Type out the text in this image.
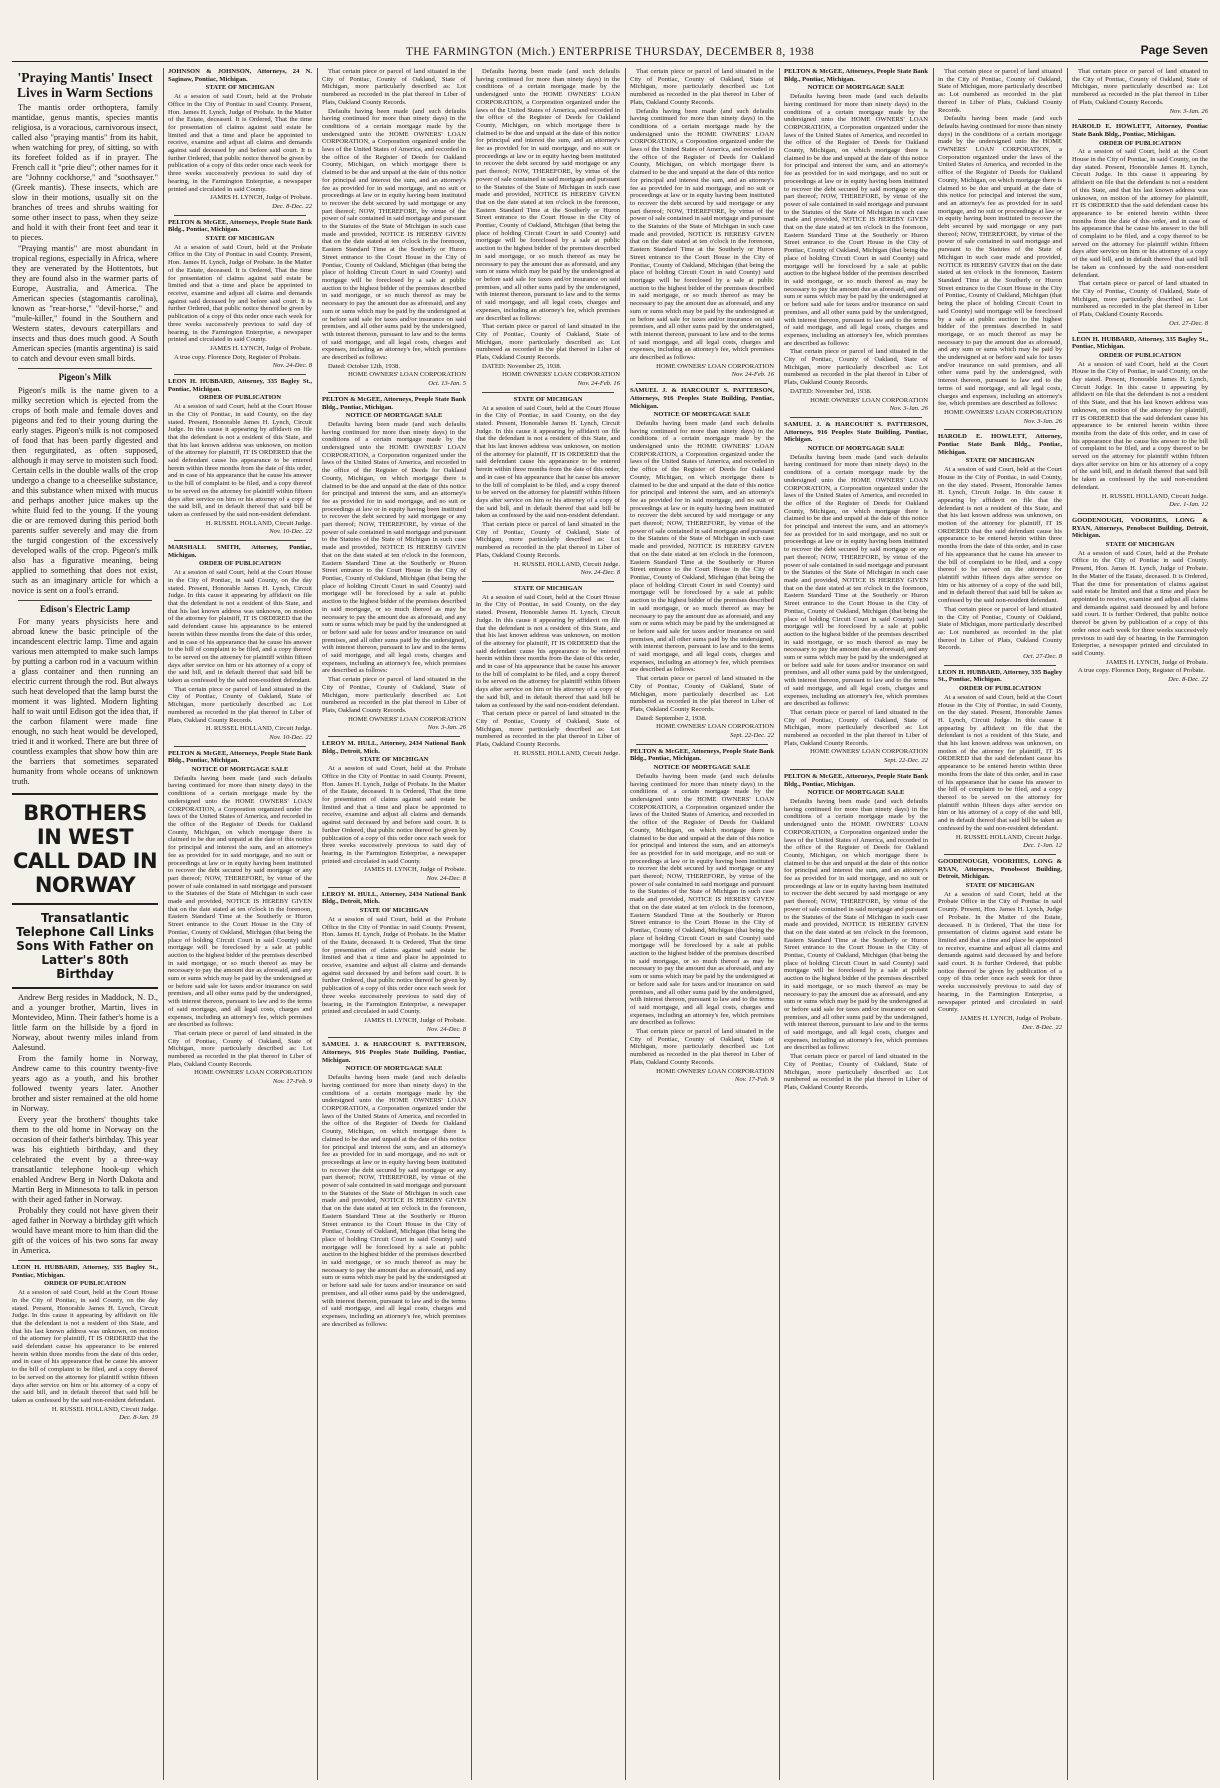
THE FARMINGTON (Mich.) ENTERPRISE THURSDAY, DECEMBER 8, 1938	Page Seven
'Praying Mantis' Insect Lives in Warm Sections

The mantis order orthoptera, family mantidae, genus mantis, species mantis religiosa, is a voracious, carnivorous insect, called also "praying mantis" from its habit, when watching for prey, of sitting, so with its forefeet folded as if in prayer. The French call it "prie dieu"; other names for it are "Johnny cockhorse," and "soothsayer." (Greek mantis). These insects, which are slow in their motions, usually sit on the branches of trees and shrubs waiting for some other insect to pass, when they seize and hold it with their front feet and tear it to pieces.

"Praying mantis" are most abundant in tropical regions, especially in Africa, where they are venerated by the Hottentots, but they are found also in the warmer parts of Europe, Australia, and America. The American species (stagomantis carolina), known as "rear-horse," "devil-horse," and "mule-killer," found in the Southern and Western states, devours caterpillars and insects and thus does much good. A South American species (mantis argentina) is said to catch and devour even small birds.

Pigeon's Milk

Pigeon's milk is the name given to a milky secretion which is ejected from the crops of both male and female doves and pigeons and fed to their young during the early stages. Pigeon's milk is not composed of food that has been partly digested and then regurgitated, as often supposed, although it may serve to moisten such food. Certain cells in the double walls of the crop undergo a change to a cheeselike substance, and this substance when mixed with mucus and perhaps another juice makes up the white fluid fed to the young. If the young die or are removed during this period both parents suffer severely and may die from the turgid congestion of the excessively developed walls of the crop. Pigeon's milk also has a figurative meaning, being applied to something that does not exist, such as an imaginary article for which a novice is sent on a fool's errand.

Edison's Electric Lamp

For many years physicists here and abroad knew the basic principle of the incandescent electric lamp. Time and again various men attempted to make such lamps by putting a carbon rod in a vacuum within a glass container and then running an electric current through the rod. But always such heat developed that the lamp burst the moment it was lighted. Modern lighting half to wait until Edison got the idea that, if the carbon filament were made fine enough, no such heat would be developed, tried it and it worked. There are but three of countless examples that show how thin are the barriers that sometimes separated humanity from whole oceans of unknown truth.

BROTHERS IN WEST CALL DAD IN NORWAY
Transatlantic Telephone Call Links Sons With Father on Latter's 80th Birthday

Andrew Berg resides in Maddock, N. D., and a younger brother, Martin, lives in Montevideo, Minn. Their father's home is a little farm on the hillside by a fjord in Norway, about twenty miles inland from Aalesund.

From the family home in Norway, Andrew came to this country twenty-five years ago as a youth, and his brother followed twenty years later. Another brother and sister remained at the old home in Norway.

Every year the brothers' thoughts take them to the old home in Norway on the occasion of their father's birthday. This year was his eightieth birthday, and they celebrated the event by a three-way transatlantic telephone hook-up which enabled Andrew Berg in North Dakota and Martin Berg in Minnesota to talk in person with their aged father in Norway.

Probably they could not have given their aged father in Norway a birthday gift which would have meant more to him than did the gift of the voices of his two sons far away in America.

LEON H. HUBBARD, Attorney, 335 Bagley St., Pontiac, Michigan.

ORDER OF PUBLICATION

At a session of said Court, held at the Court House in the City of Pontiac, in said County, on the day stated. Present, Honorable James H. Lynch, Circuit Judge. In this cause it appearing by affidavit on file that the defendant is not a resident of this State, and that his last known address was unknown, on motion of the attorney for plaintiff, IT IS ORDERED that the said defendant cause his appearance to be entered herein within three months from the date of this order, and in case of his appearance that he cause his answer to the bill of complaint to be filed, and a copy thereof to be served on the attorney for plaintiff within fifteen days after service on him or his attorney of a copy of the said bill, and in default thereof that said bill be taken as confessed by the said non-resident defendant.

H. RUSSEL HOLLAND, Circuit Judge.

Dec. 8-Jan. 19

JOHNSON & JOHNSON, Attorneys, 24 N. Saginaw, Pontiac, Michigan.

STATE OF MICHIGAN

At a session of said Court, held at the Probate Office in the City of Pontiac in said County. Present, Hon. James H. Lynch, Judge of Probate. In the Matter of the Estate, deceased. It is Ordered, That the time for presentation of claims against said estate be limited and that a time and place be appointed to receive, examine and adjust all claims and demands against said deceased by and before said court. It is further Ordered, that public notice thereof be given by publication of a copy of this order once each week for three weeks successively previous to said day of hearing, in the Farmington Enterprise, a newspaper printed and circulated in said County.

JAMES H. LYNCH, Judge of Probate.

Dec. 8-Dec. 22

PELTON & McGEE, Attorneys, People State Bank Bldg., Pontiac, Michigan.

STATE OF MICHIGAN

At a session of said Court, held at the Probate Office in the City of Pontiac in said County. Present, Hon. James H. Lynch, Judge of Probate. In the Matter of the Estate, deceased. It is Ordered, That the time for presentation of claims against said estate be limited and that a time and place be appointed to receive, examine and adjust all claims and demands against said deceased by and before said court. It is further Ordered, that public notice thereof be given by publication of a copy of this order once each week for three weeks successively previous to said day of hearing, in the Farmington Enterprise, a newspaper printed and circulated in said County.

JAMES H. LYNCH, Judge of Probate.

A true copy. Florence Doty, Register of Probate.

Nov. 24-Dec. 8

LEON H. HUBBARD, Attorney, 335 Bagley St., Pontiac, Michigan.

ORDER OF PUBLICATION

At a session of said Court, held at the Court House in the City of Pontiac, in said County, on the day stated. Present, Honorable James H. Lynch, Circuit Judge. In this cause it appearing by affidavit on file that the defendant is not a resident of this State, and that his last known address was unknown, on motion of the attorney for plaintiff, IT IS ORDERED that the said defendant cause his appearance to be entered herein within three months from the date of this order, and in case of his appearance that he cause his answer to the bill of complaint to be filed, and a copy thereof to be served on the attorney for plaintiff within fifteen days after service on him or his attorney of a copy of the said bill, and in default thereof that said bill be taken as confessed by the said non-resident defendant.

H. RUSSEL HOLLAND, Circuit Judge.

Nov. 10-Dec. 22

MARSHALL SMITH, Attorney, Pontiac, Michigan.

ORDER OF PUBLICATION

At a session of said Court, held at the Court House in the City of Pontiac, in said County, on the day stated. Present, Honorable James H. Lynch, Circuit Judge. In this cause it appearing by affidavit on file that the defendant is not a resident of this State, and that his last known address was unknown, on motion of the attorney for plaintiff, IT IS ORDERED that the said defendant cause his appearance to be entered herein within three months from the date of this order, and in case of his appearance that he cause his answer to the bill of complaint to be filed, and a copy thereof to be served on the attorney for plaintiff within fifteen days after service on him or his attorney of a copy of the said bill, and in default thereof that said bill be taken as confessed by the said non-resident defendant.

That certain piece or parcel of land situated in the City of Pontiac, County of Oakland, State of Michigan, more particularly described as: Lot numbered as recorded in the plat thereof in Liber of Plats, Oakland County Records.

H. RUSSEL HOLLAND, Circuit Judge.

Nov. 10-Dec. 22

PELTON & McGEE, Attorneys, People State Bank Bldg., Pontiac, Michigan.

NOTICE OF MORTGAGE SALE

Defaults having been made (and such defaults having continued for more than ninety days) in the conditions of a certain mortgage made by the undersigned unto the HOME OWNERS' LOAN CORPORATION, a Corporation organized under the laws of the United States of America, and recorded in the office of the Register of Deeds for Oakland County, Michigan, on which mortgage there is claimed to be due and unpaid at the date of this notice for principal and interest the sum, and an attorney's fee as provided for in said mortgage, and no suit or proceedings at law or in equity having been instituted to recover the debt secured by said mortgage or any part thereof; NOW, THEREFORE, by virtue of the power of sale contained in said mortgage and pursuant to the Statutes of the State of Michigan in such case made and provided, NOTICE IS HEREBY GIVEN that on the date stated at ten o'clock in the forenoon, Eastern Standard Time at the Southerly or Huron Street entrance to the Court House in the City of Pontiac, County of Oakland, Michigan (that being the place of holding Circuit Court in said County) said mortgage will be foreclosed by a sale at public auction to the highest bidder of the premises described in said mortgage, or so much thereof as may be necessary to pay the amount due as aforesaid, and any sum or sums which may be paid by the undersigned at or before said sale for taxes and/or insurance on said premises, and all other sums paid by the undersigned, with interest thereon, pursuant to law and to the terms of said mortgage, and all legal costs, charges and expenses, including an attorney's fee, which premises are described as follows:

That certain piece or parcel of land situated in the City of Pontiac, County of Oakland, State of Michigan, more particularly described as: Lot numbered as recorded in the plat thereof in Liber of Plats, Oakland County Records.

HOME OWNERS' LOAN CORPORATION

Nov. 17-Feb. 9

That certain piece or parcel of land situated in the City of Pontiac, County of Oakland, State of Michigan, more particularly described as: Lot numbered as recorded in the plat thereof in Liber of Plats, Oakland County Records.

Defaults having been made (and such defaults having continued for more than ninety days) in the conditions of a certain mortgage made by the undersigned unto the HOME OWNERS' LOAN CORPORATION, a Corporation organized under the laws of the United States of America, and recorded in the office of the Register of Deeds for Oakland County, Michigan, on which mortgage there is claimed to be due and unpaid at the date of this notice for principal and interest the sum, and an attorney's fee as provided for in said mortgage, and no suit or proceedings at law or in equity having been instituted to recover the debt secured by said mortgage or any part thereof; NOW, THEREFORE, by virtue of the power of sale contained in said mortgage and pursuant to the Statutes of the State of Michigan in such case made and provided, NOTICE IS HEREBY GIVEN that on the date stated at ten o'clock in the forenoon, Eastern Standard Time at the Southerly or Huron Street entrance to the Court House in the City of Pontiac, County of Oakland, Michigan (that being the place of holding Circuit Court in said County) said mortgage will be foreclosed by a sale at public auction to the highest bidder of the premises described in said mortgage, or so much thereof as may be necessary to pay the amount due as aforesaid, and any sum or sums which may be paid by the undersigned at or before said sale for taxes and/or insurance on said premises, and all other sums paid by the undersigned, with interest thereon, pursuant to law and to the terms of said mortgage, and all legal costs, charges and expenses, including an attorney's fee, which premises are described as follows:

Dated: October 12th, 1938.

HOME OWNERS' LOAN CORPORATION

Oct. 13-Jan. 5

PELTON & McGEE, Attorneys, People State Bank Bldg., Pontiac, Michigan.

NOTICE OF MORTGAGE SALE

Defaults having been made (and such defaults having continued for more than ninety days) in the conditions of a certain mortgage made by the undersigned unto the HOME OWNERS' LOAN CORPORATION, a Corporation organized under the laws of the United States of America, and recorded in the office of the Register of Deeds for Oakland County, Michigan, on which mortgage there is claimed to be due and unpaid at the date of this notice for principal and interest the sum, and an attorney's fee as provided for in said mortgage, and no suit or proceedings at law or in equity having been instituted to recover the debt secured by said mortgage or any part thereof; NOW, THEREFORE, by virtue of the power of sale contained in said mortgage and pursuant to the Statutes of the State of Michigan in such case made and provided, NOTICE IS HEREBY GIVEN that on the date stated at ten o'clock in the forenoon, Eastern Standard Time at the Southerly or Huron Street entrance to the Court House in the City of Pontiac, County of Oakland, Michigan (that being the place of holding Circuit Court in said County) said mortgage will be foreclosed by a sale at public auction to the highest bidder of the premises described in said mortgage, or so much thereof as may be necessary to pay the amount due as aforesaid, and any sum or sums which may be paid by the undersigned at or before said sale for taxes and/or insurance on said premises, and all other sums paid by the undersigned, with interest thereon, pursuant to law and to the terms of said mortgage, and all legal costs, charges and expenses, including an attorney's fee, which premises are described as follows:

That certain piece or parcel of land situated in the City of Pontiac, County of Oakland, State of Michigan, more particularly described as: Lot numbered as recorded in the plat thereof in Liber of Plats, Oakland County Records.

HOME OWNERS' LOAN CORPORATION

Nov. 3-Jan. 26

LEROY M. HULL, Attorney, 2434 National Bank Bldg., Detroit, Mich.

STATE OF MICHIGAN

At a session of said Court, held at the Probate Office in the City of Pontiac in said County. Present, Hon. James H. Lynch, Judge of Probate. In the Matter of the Estate, deceased. It is Ordered, That the time for presentation of claims against said estate be limited and that a time and place be appointed to receive, examine and adjust all claims and demands against said deceased by and before said court. It is further Ordered, that public notice thereof be given by publication of a copy of this order once each week for three weeks successively previous to said day of hearing, in the Farmington Enterprise, a newspaper printed and circulated in said County.

JAMES H. LYNCH, Judge of Probate.

Nov. 24-Dec. 8

LEROY M. HULL, Attorney, 2434 National Bank Bldg., Detroit, Mich.

STATE OF MICHIGAN

At a session of said Court, held at the Probate Office in the City of Pontiac in said County. Present, Hon. James H. Lynch, Judge of Probate. In the Matter of the Estate, deceased. It is Ordered, That the time for presentation of claims against said estate be limited and that a time and place be appointed to receive, examine and adjust all claims and demands against said deceased by and before said court. It is further Ordered, that public notice thereof be given by publication of a copy of this order once each week for three weeks successively previous to said day of hearing, in the Farmington Enterprise, a newspaper printed and circulated in said County.

JAMES H. LYNCH, Judge of Probate.

Nov. 24-Dec. 8

SAMUEL J. & HARCOURT S. PATTERSON, Attorneys, 916 Peoples State Building, Pontiac, Michigan.

NOTICE OF MORTGAGE SALE

Defaults having been made (and such defaults having continued for more than ninety days) in the conditions of a certain mortgage made by the undersigned unto the HOME OWNERS' LOAN CORPORATION, a Corporation organized under the laws of the United States of America, and recorded in the office of the Register of Deeds for Oakland County, Michigan, on which mortgage there is claimed to be due and unpaid at the date of this notice for principal and interest the sum, and an attorney's fee as provided for in said mortgage, and no suit or proceedings at law or in equity having been instituted to recover the debt secured by said mortgage or any part thereof; NOW, THEREFORE, by virtue of the power of sale contained in said mortgage and pursuant to the Statutes of the State of Michigan in such case made and provided, NOTICE IS HEREBY GIVEN that on the date stated at ten o'clock in the forenoon, Eastern Standard Time at the Southerly or Huron Street entrance to the Court House in the City of Pontiac, County of Oakland, Michigan (that being the place of holding Circuit Court in said County) said mortgage will be foreclosed by a sale at public auction to the highest bidder of the premises described in said mortgage, or so much thereof as may be necessary to pay the amount due as aforesaid, and any sum or sums which may be paid by the undersigned at or before said sale for taxes and/or insurance on said premises, and all other sums paid by the undersigned, with interest thereon, pursuant to law and to the terms of said mortgage, and all legal costs, charges and expenses, including an attorney's fee, which premises are described as follows:

Defaults having been made (and such defaults having continued for more than ninety days) in the conditions of a certain mortgage made by the undersigned unto the HOME OWNERS' LOAN CORPORATION, a Corporation organized under the laws of the United States of America, and recorded in the office of the Register of Deeds for Oakland County, Michigan, on which mortgage there is claimed to be due and unpaid at the date of this notice for principal and interest the sum, and an attorney's fee as provided for in said mortgage, and no suit or proceedings at law or in equity having been instituted to recover the debt secured by said mortgage or any part thereof; NOW, THEREFORE, by virtue of the power of sale contained in said mortgage and pursuant to the Statutes of the State of Michigan in such case made and provided, NOTICE IS HEREBY GIVEN that on the date stated at ten o'clock in the forenoon, Eastern Standard Time at the Southerly or Huron Street entrance to the Court House in the City of Pontiac, County of Oakland, Michigan (that being the place of holding Circuit Court in said County) said mortgage will be foreclosed by a sale at public auction to the highest bidder of the premises described in said mortgage, or so much thereof as may be necessary to pay the amount due as aforesaid, and any sum or sums which may be paid by the undersigned at or before said sale for taxes and/or insurance on said premises, and all other sums paid by the undersigned, with interest thereon, pursuant to law and to the terms of said mortgage, and all legal costs, charges and expenses, including an attorney's fee, which premises are described as follows:

That certain piece or parcel of land situated in the City of Pontiac, County of Oakland, State of Michigan, more particularly described as: Lot numbered as recorded in the plat thereof in Liber of Plats, Oakland County Records.

DATED: November 25, 1938.

HOME OWNERS' LOAN CORPORATION

Nov. 24-Feb. 16

STATE OF MICHIGAN

At a session of said Court, held at the Court House in the City of Pontiac, in said County, on the day stated. Present, Honorable James H. Lynch, Circuit Judge. In this cause it appearing by affidavit on file that the defendant is not a resident of this State, and that his last known address was unknown, on motion of the attorney for plaintiff, IT IS ORDERED that the said defendant cause his appearance to be entered herein within three months from the date of this order, and in case of his appearance that he cause his answer to the bill of complaint to be filed, and a copy thereof to be served on the attorney for plaintiff within fifteen days after service on him or his attorney of a copy of the said bill, and in default thereof that said bill be taken as confessed by the said non-resident defendant.

That certain piece or parcel of land situated in the City of Pontiac, County of Oakland, State of Michigan, more particularly described as: Lot numbered as recorded in the plat thereof in Liber of Plats, Oakland County Records.

H. RUSSEL HOLLAND, Circuit Judge.

Nov. 24-Dec. 8

STATE OF MICHIGAN

At a session of said Court, held at the Court House in the City of Pontiac, in said County, on the day stated. Present, Honorable James H. Lynch, Circuit Judge. In this cause it appearing by affidavit on file that the defendant is not a resident of this State, and that his last known address was unknown, on motion of the attorney for plaintiff, IT IS ORDERED that the said defendant cause his appearance to be entered herein within three months from the date of this order, and in case of his appearance that he cause his answer to the bill of complaint to be filed, and a copy thereof to be served on the attorney for plaintiff within fifteen days after service on him or his attorney of a copy of the said bill, and in default thereof that said bill be taken as confessed by the said non-resident defendant.

That certain piece or parcel of land situated in the City of Pontiac, County of Oakland, State of Michigan, more particularly described as: Lot numbered as recorded in the plat thereof in Liber of Plats, Oakland County Records.

H. RUSSEL HOLLAND, Circuit Judge.

That certain piece or parcel of land situated in the City of Pontiac, County of Oakland, State of Michigan, more particularly described as: Lot numbered as recorded in the plat thereof in Liber of Plats, Oakland County Records.

Defaults having been made (and such defaults having continued for more than ninety days) in the conditions of a certain mortgage made by the undersigned unto the HOME OWNERS' LOAN CORPORATION, a Corporation organized under the laws of the United States of America, and recorded in the office of the Register of Deeds for Oakland County, Michigan, on which mortgage there is claimed to be due and unpaid at the date of this notice for principal and interest the sum, and an attorney's fee as provided for in said mortgage, and no suit or proceedings at law or in equity having been instituted to recover the debt secured by said mortgage or any part thereof; NOW, THEREFORE, by virtue of the power of sale contained in said mortgage and pursuant to the Statutes of the State of Michigan in such case made and provided, NOTICE IS HEREBY GIVEN that on the date stated at ten o'clock in the forenoon, Eastern Standard Time at the Southerly or Huron Street entrance to the Court House in the City of Pontiac, County of Oakland, Michigan (that being the place of holding Circuit Court in said County) said mortgage will be foreclosed by a sale at public auction to the highest bidder of the premises described in said mortgage, or so much thereof as may be necessary to pay the amount due as aforesaid, and any sum or sums which may be paid by the undersigned at or before said sale for taxes and/or insurance on said premises, and all other sums paid by the undersigned, with interest thereon, pursuant to law and to the terms of said mortgage, and all legal costs, charges and expenses, including an attorney's fee, which premises are described as follows:

HOME OWNERS' LOAN CORPORATION

Nov. 24-Feb. 16

SAMUEL J. & HARCOURT S. PATTERSON, Attorneys, 916 Peoples State Building, Pontiac, Michigan.

NOTICE OF MORTGAGE SALE

Defaults having been made (and such defaults having continued for more than ninety days) in the conditions of a certain mortgage made by the undersigned unto the HOME OWNERS' LOAN CORPORATION, a Corporation organized under the laws of the United States of America, and recorded in the office of the Register of Deeds for Oakland County, Michigan, on which mortgage there is claimed to be due and unpaid at the date of this notice for principal and interest the sum, and an attorney's fee as provided for in said mortgage, and no suit or proceedings at law or in equity having been instituted to recover the debt secured by said mortgage or any part thereof; NOW, THEREFORE, by virtue of the power of sale contained in said mortgage and pursuant to the Statutes of the State of Michigan in such case made and provided, NOTICE IS HEREBY GIVEN that on the date stated at ten o'clock in the forenoon, Eastern Standard Time at the Southerly or Huron Street entrance to the Court House in the City of Pontiac, County of Oakland, Michigan (that being the place of holding Circuit Court in said County) said mortgage will be foreclosed by a sale at public auction to the highest bidder of the premises described in said mortgage, or so much thereof as may be necessary to pay the amount due as aforesaid, and any sum or sums which may be paid by the undersigned at or before said sale for taxes and/or insurance on said premises, and all other sums paid by the undersigned, with interest thereon, pursuant to law and to the terms of said mortgage, and all legal costs, charges and expenses, including an attorney's fee, which premises are described as follows:

That certain piece or parcel of land situated in the City of Pontiac, County of Oakland, State of Michigan, more particularly described as: Lot numbered as recorded in the plat thereof in Liber of Plats, Oakland County Records.

Dated: September 2, 1938.

HOME OWNERS' LOAN CORPORATION

Sept. 22-Dec. 22

PELTON & McGEE, Attorneys, People State Bank Bldg., Pontiac, Michigan.

NOTICE OF MORTGAGE SALE

Defaults having been made (and such defaults having continued for more than ninety days) in the conditions of a certain mortgage made by the undersigned unto the HOME OWNERS' LOAN CORPORATION, a Corporation organized under the laws of the United States of America, and recorded in the office of the Register of Deeds for Oakland County, Michigan, on which mortgage there is claimed to be due and unpaid at the date of this notice for principal and interest the sum, and an attorney's fee as provided for in said mortgage, and no suit or proceedings at law or in equity having been instituted to recover the debt secured by said mortgage or any part thereof; NOW, THEREFORE, by virtue of the power of sale contained in said mortgage and pursuant to the Statutes of the State of Michigan in such case made and provided, NOTICE IS HEREBY GIVEN that on the date stated at ten o'clock in the forenoon, Eastern Standard Time at the Southerly or Huron Street entrance to the Court House in the City of Pontiac, County of Oakland, Michigan (that being the place of holding Circuit Court in said County) said mortgage will be foreclosed by a sale at public auction to the highest bidder of the premises described in said mortgage, or so much thereof as may be necessary to pay the amount due as aforesaid, and any sum or sums which may be paid by the undersigned at or before said sale for taxes and/or insurance on said premises, and all other sums paid by the undersigned, with interest thereon, pursuant to law and to the terms of said mortgage, and all legal costs, charges and expenses, including an attorney's fee, which premises are described as follows:

That certain piece or parcel of land situated in the City of Pontiac, County of Oakland, State of Michigan, more particularly described as: Lot numbered as recorded in the plat thereof in Liber of Plats, Oakland County Records.

HOME OWNERS' LOAN CORPORATION

Nov. 17-Feb. 9

PELTON & McGEE, Attorneys, People State Bank Bldg., Pontiac, Michigan.

NOTICE OF MORTGAGE SALE

Defaults having been made (and such defaults having continued for more than ninety days) in the conditions of a certain mortgage made by the undersigned unto the HOME OWNERS' LOAN CORPORATION, a Corporation organized under the laws of the United States of America, and recorded in the office of the Register of Deeds for Oakland County, Michigan, on which mortgage there is claimed to be due and unpaid at the date of this notice for principal and interest the sum, and an attorney's fee as provided for in said mortgage, and no suit or proceedings at law or in equity having been instituted to recover the debt secured by said mortgage or any part thereof; NOW, THEREFORE, by virtue of the power of sale contained in said mortgage and pursuant to the Statutes of the State of Michigan in such case made and provided, NOTICE IS HEREBY GIVEN that on the date stated at ten o'clock in the forenoon, Eastern Standard Time at the Southerly or Huron Street entrance to the Court House in the City of Pontiac, County of Oakland, Michigan (that being the place of holding Circuit Court in said County) said mortgage will be foreclosed by a sale at public auction to the highest bidder of the premises described in said mortgage, or so much thereof as may be necessary to pay the amount due as aforesaid, and any sum or sums which may be paid by the undersigned at or before said sale for taxes and/or insurance on said premises, and all other sums paid by the undersigned, with interest thereon, pursuant to law and to the terms of said mortgage, and all legal costs, charges and expenses, including an attorney's fee, which premises are described as follows:

That certain piece or parcel of land situated in the City of Pontiac, County of Oakland, State of Michigan, more particularly described as: Lot numbered as recorded in the plat thereof in Liber of Plats, Oakland County Records.

DATED: November 3rd, 1938.

HOME OWNERS' LOAN CORPORATION

Nov. 3-Jan. 26

SAMUEL J. & HARCOURT S. PATTERSON, Attorneys, 916 Peoples State Building, Pontiac, Michigan.

NOTICE OF MORTGAGE SALE

Defaults having been made (and such defaults having continued for more than ninety days) in the conditions of a certain mortgage made by the undersigned unto the HOME OWNERS' LOAN CORPORATION, a Corporation organized under the laws of the United States of America, and recorded in the office of the Register of Deeds for Oakland County, Michigan, on which mortgage there is claimed to be due and unpaid at the date of this notice for principal and interest the sum, and an attorney's fee as provided for in said mortgage, and no suit or proceedings at law or in equity having been instituted to recover the debt secured by said mortgage or any part thereof; NOW, THEREFORE, by virtue of the power of sale contained in said mortgage and pursuant to the Statutes of the State of Michigan in such case made and provided, NOTICE IS HEREBY GIVEN that on the date stated at ten o'clock in the forenoon, Eastern Standard Time at the Southerly or Huron Street entrance to the Court House in the City of Pontiac, County of Oakland, Michigan (that being the place of holding Circuit Court in said County) said mortgage will be foreclosed by a sale at public auction to the highest bidder of the premises described in said mortgage, or so much thereof as may be necessary to pay the amount due as aforesaid, and any sum or sums which may be paid by the undersigned at or before said sale for taxes and/or insurance on said premises, and all other sums paid by the undersigned, with interest thereon, pursuant to law and to the terms of said mortgage, and all legal costs, charges and expenses, including an attorney's fee, which premises are described as follows:

That certain piece or parcel of land situated in the City of Pontiac, County of Oakland, State of Michigan, more particularly described as: Lot numbered as recorded in the plat thereof in Liber of Plats, Oakland County Records.

HOME OWNERS' LOAN CORPORATION

Sept. 22-Dec. 22

PELTON & McGEE, Attorneys, People State Bank Bldg., Pontiac, Michigan.

NOTICE OF MORTGAGE SALE

Defaults having been made (and such defaults having continued for more than ninety days) in the conditions of a certain mortgage made by the undersigned unto the HOME OWNERS' LOAN CORPORATION, a Corporation organized under the laws of the United States of America, and recorded in the office of the Register of Deeds for Oakland County, Michigan, on which mortgage there is claimed to be due and unpaid at the date of this notice for principal and interest the sum, and an attorney's fee as provided for in said mortgage, and no suit or proceedings at law or in equity having been instituted to recover the debt secured by said mortgage or any part thereof; NOW, THEREFORE, by virtue of the power of sale contained in said mortgage and pursuant to the Statutes of the State of Michigan in such case made and provided, NOTICE IS HEREBY GIVEN that on the date stated at ten o'clock in the forenoon, Eastern Standard Time at the Southerly or Huron Street entrance to the Court House in the City of Pontiac, County of Oakland, Michigan (that being the place of holding Circuit Court in said County) said mortgage will be foreclosed by a sale at public auction to the highest bidder of the premises described in said mortgage, or so much thereof as may be necessary to pay the amount due as aforesaid, and any sum or sums which may be paid by the undersigned at or before said sale for taxes and/or insurance on said premises, and all other sums paid by the undersigned, with interest thereon, pursuant to law and to the terms of said mortgage, and all legal costs, charges and expenses, including an attorney's fee, which premises are described as follows:

That certain piece or parcel of land situated in the City of Pontiac, County of Oakland, State of Michigan, more particularly described as: Lot numbered as recorded in the plat thereof in Liber of Plats, Oakland County Records.

That certain piece or parcel of land situated in the City of Pontiac, County of Oakland, State of Michigan, more particularly described as: Lot numbered as recorded in the plat thereof in Liber of Plats, Oakland County Records.

Defaults having been made (and such defaults having continued for more than ninety days) in the conditions of a certain mortgage made by the undersigned unto the HOME OWNERS' LOAN CORPORATION, a Corporation organized under the laws of the United States of America, and recorded in the office of the Register of Deeds for Oakland County, Michigan, on which mortgage there is claimed to be due and unpaid at the date of this notice for principal and interest the sum, and an attorney's fee as provided for in said mortgage, and no suit or proceedings at law or in equity having been instituted to recover the debt secured by said mortgage or any part thereof; NOW, THEREFORE, by virtue of the power of sale contained in said mortgage and pursuant to the Statutes of the State of Michigan in such case made and provided, NOTICE IS HEREBY GIVEN that on the date stated at ten o'clock in the forenoon, Eastern Standard Time at the Southerly or Huron Street entrance to the Court House in the City of Pontiac, County of Oakland, Michigan (that being the place of holding Circuit Court in said County) said mortgage will be foreclosed by a sale at public auction to the highest bidder of the premises described in said mortgage, or so much thereof as may be necessary to pay the amount due as aforesaid, and any sum or sums which may be paid by the undersigned at or before said sale for taxes and/or insurance on said premises, and all other sums paid by the undersigned, with interest thereon, pursuant to law and to the terms of said mortgage, and all legal costs, charges and expenses, including an attorney's fee, which premises are described as follows:

HOME OWNERS' LOAN CORPORATION

Nov. 3-Jan. 26

HAROLD E. HOWLETT, Attorney, Pontiac State Bank Bldg., Pontiac, Michigan.

STATE OF MICHIGAN

At a session of said Court, held at the Court House in the City of Pontiac, in said County, on the day stated. Present, Honorable James H. Lynch, Circuit Judge. In this cause it appearing by affidavit on file that the defendant is not a resident of this State, and that his last known address was unknown, on motion of the attorney for plaintiff, IT IS ORDERED that the said defendant cause his appearance to be entered herein within three months from the date of this order, and in case of his appearance that he cause his answer to the bill of complaint to be filed, and a copy thereof to be served on the attorney for plaintiff within fifteen days after service on him or his attorney of a copy of the said bill, and in default thereof that said bill be taken as confessed by the said non-resident defendant.

That certain piece or parcel of land situated in the City of Pontiac, County of Oakland, State of Michigan, more particularly described as: Lot numbered as recorded in the plat thereof in Liber of Plats, Oakland County Records.

Oct. 27-Dec. 8

LEON H. HUBBARD, Attorney, 335 Bagley St., Pontiac, Michigan.

ORDER OF PUBLICATION

At a session of said Court, held at the Court House in the City of Pontiac, in said County, on the day stated. Present, Honorable James H. Lynch, Circuit Judge. In this cause it appearing by affidavit on file that the defendant is not a resident of this State, and that his last known address was unknown, on motion of the attorney for plaintiff, IT IS ORDERED that the said defendant cause his appearance to be entered herein within three months from the date of this order, and in case of his appearance that he cause his answer to the bill of complaint to be filed, and a copy thereof to be served on the attorney for plaintiff within fifteen days after service on him or his attorney of a copy of the said bill, and in default thereof that said bill be taken as confessed by the said non-resident defendant.

H. RUSSEL HOLLAND, Circuit Judge.

Dec. 1-Jan. 12

GOODENOUGH, VOORHIES, LONG & RYAN, Attorneys, Penobscot Building, Detroit, Michigan.

STATE OF MICHIGAN

At a session of said Court, held at the Probate Office in the City of Pontiac in said County. Present, Hon. James H. Lynch, Judge of Probate. In the Matter of the Estate, deceased. It is Ordered, That the time for presentation of claims against said estate be limited and that a time and place be appointed to receive, examine and adjust all claims and demands against said deceased by and before said court. It is further Ordered, that public notice thereof be given by publication of a copy of this order once each week for three weeks successively previous to said day of hearing, in the Farmington Enterprise, a newspaper printed and circulated in said County.

JAMES H. LYNCH, Judge of Probate.

Dec. 8-Dec. 22

That certain piece or parcel of land situated in the City of Pontiac, County of Oakland, State of Michigan, more particularly described as: Lot numbered as recorded in the plat thereof in Liber of Plats, Oakland County Records.

Nov. 3-Jan. 26

HAROLD E. HOWLETT, Attorney, Pontiac State Bank Bldg., Pontiac, Michigan.

ORDER OF PUBLICATION

At a session of said Court, held at the Court House in the City of Pontiac, in said County, on the day stated. Present, Honorable James H. Lynch, Circuit Judge. In this cause it appearing by affidavit on file that the defendant is not a resident of this State, and that his last known address was unknown, on motion of the attorney for plaintiff, IT IS ORDERED that the said defendant cause his appearance to be entered herein within three months from the date of this order, and in case of his appearance that he cause his answer to the bill of complaint to be filed, and a copy thereof to be served on the attorney for plaintiff within fifteen days after service on him or his attorney of a copy of the said bill, and in default thereof that said bill be taken as confessed by the said non-resident defendant.

That certain piece or parcel of land situated in the City of Pontiac, County of Oakland, State of Michigan, more particularly described as: Lot numbered as recorded in the plat thereof in Liber of Plats, Oakland County Records.

Oct. 27-Dec. 8

LEON H. HUBBARD, Attorney, 335 Bagley St., Pontiac, Michigan.

ORDER OF PUBLICATION

At a session of said Court, held at the Court House in the City of Pontiac, in said County, on the day stated. Present, Honorable James H. Lynch, Circuit Judge. In this cause it appearing by affidavit on file that the defendant is not a resident of this State, and that his last known address was unknown, on motion of the attorney for plaintiff, IT IS ORDERED that the said defendant cause his appearance to be entered herein within three months from the date of this order, and in case of his appearance that he cause his answer to the bill of complaint to be filed, and a copy thereof to be served on the attorney for plaintiff within fifteen days after service on him or his attorney of a copy of the said bill, and in default thereof that said bill be taken as confessed by the said non-resident defendant.

H. RUSSEL HOLLAND, Circuit Judge.

Dec. 1-Jan. 12

GOODENOUGH, VOORHIES, LONG & RYAN, Attorneys, Penobscot Building, Detroit, Michigan.

STATE OF MICHIGAN

At a session of said Court, held at the Probate Office in the City of Pontiac in said County. Present, Hon. James H. Lynch, Judge of Probate. In the Matter of the Estate, deceased. It is Ordered, That the time for presentation of claims against said estate be limited and that a time and place be appointed to receive, examine and adjust all claims and demands against said deceased by and before said court. It is further Ordered, that public notice thereof be given by publication of a copy of this order once each week for three weeks successively previous to said day of hearing, in the Farmington Enterprise, a newspaper printed and circulated in said County.

JAMES H. LYNCH, Judge of Probate.

A true copy. Florence Doty, Register of Probate.

Dec. 8-Dec. 22
